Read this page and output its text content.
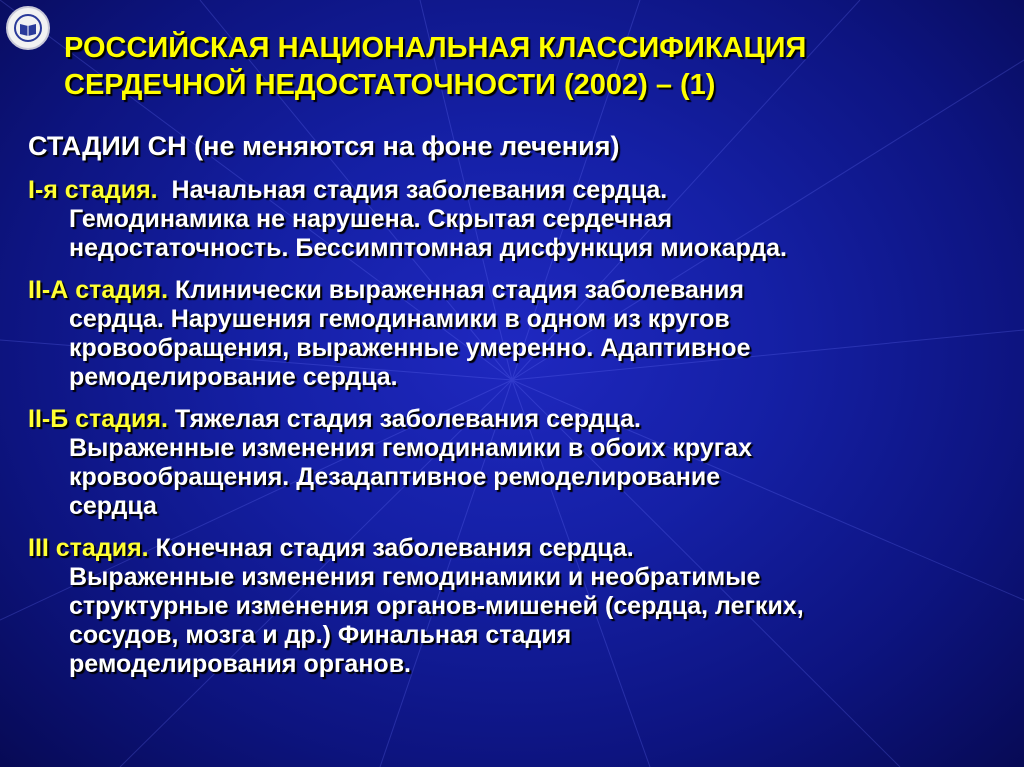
РОССИЙСКАЯ НАЦИОНАЛЬНАЯ КЛАССИФИКАЦИЯ
СЕРДЕЧНОЙ НЕДОСТАТОЧНОСТИ (2002) – (1)
СТАДИИ СН (не меняются на фоне лечения)
I-я стадия.  Начальная стадия заболевания сердца.
Гемодинамика не нарушена. Скрытая сердечная
недостаточность. Бессимптомная дисфункция миокарда.
II-А стадия. Клинически выраженная стадия заболевания
сердца. Нарушения гемодинамики в одном из кругов
кровообращения, выраженные умеренно. Адаптивное
ремоделирование сердца.
II-Б стадия. Тяжелая стадия заболевания сердца.
Выраженные изменения гемодинамики в обоих кругах
кровообращения. Дезадаптивное ремоделирование
сердца
III стадия. Конечная стадия заболевания сердца.
Выраженные изменения гемодинамики и необратимые
структурные изменения органов-мишеней (сердца, легких,
сосудов, мозга и др.) Финальная стадия
ремоделирования органов.
